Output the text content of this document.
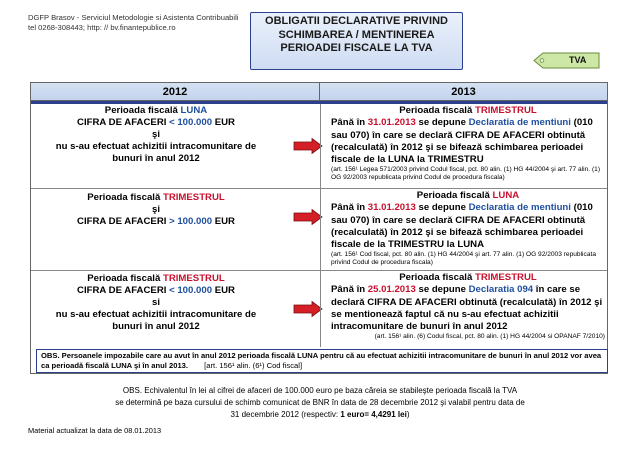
DGFP Brasov - Serviciul Metodologie si Asistenta Contribuabili
tel 0268-308443; http: // bv.finantepublice.ro
OBLIGATII DECLARATIVE PRIVIND
SCHIMBAREA / MENTINEREA
PERIOADEI FISCALE LA TVA
TVA
2012	2013
Perioada fiscală LUNA
CIFRA DE AFACERI < 100.000 EUR
şi
nu s-au efectuat achizitii intracomunitare de
bunuri în anul 2012
Perioada fiscală TRIMESTRUL
Până în 31.01.2013 se depune Declaratia de mentiuni (010 sau 070) în care se declară CIFRA DE AFACERI obtinută (recalculată) în 2012 şi se bifează schimbarea perioadei fiscale de la LUNA la TRIMESTRU
(art. 156¹ Legea 571/2003 privind Codul fiscal, pct. 80 alin. (1) HG 44/2004 şi art. 77 alin. (1) OG 92/2003 republicata privind Codul de procedura fiscala)
Perioada fiscală TRIMESTRUL
şi
CIFRA DE AFACERI > 100.000 EUR
Perioada fiscală LUNA
Până în 31.01.2013 se depune Declaratia de mentiuni (010 sau 070) în care se declară CIFRA DE AFACERI obtinută (recalculată) în 2012 şi se bifează schimbarea perioadei fiscale de la TRIMESTRU la LUNA
(art. 156¹ Cod fiscal, pct. 80 alin. (1) HG 44/2004 şi art. 77 alin. (1) OG 92/2003 republicata privind Codul de procedura fiscala)
Perioada fiscală TRIMESTRUL
CIFRA DE AFACERI < 100.000 EUR
si
nu s-au efectuat achizitii intracomunitare de
bunuri în anul 2012
Perioada fiscală TRIMESTRUL
Până în 25.01.2013 se depune Declaratia 094 în care se declară CIFRA DE AFACERI obtinută (recalculată) în 2012 şi se mentionează faptul că nu s-au efectuat achizitii intracomunitare de bunuri în anul 2012
(art. 156¹ alin. (6) Codul fiscal, pct. 80 alin. (1) HG 44/2004 si OPANAF 7/2010)
OBS. Persoanele impozabile care au avut în anul 2012 perioada fiscală LUNA pentru că au efectuat achizitii intracomunitare de bunuri în anul 2012 vor avea ca perioadă fiscală LUNA şi în anul 2013. [art. 156¹ alin. (6¹) Cod fiscal]
OBS. Echivalentul în lei al cifrei de afaceri de 100.000 euro pe baza căreia se stabileşte perioada fiscală la TVA
se determină pe baza cursului de schimb comunicat de BNR în data de 28 decembrie 2012 şi valabil pentru data de
31 decembrie 2012 (respectiv: 1 euro= 4,4291 lei)
Material actualizat la data de 08.01.2013
